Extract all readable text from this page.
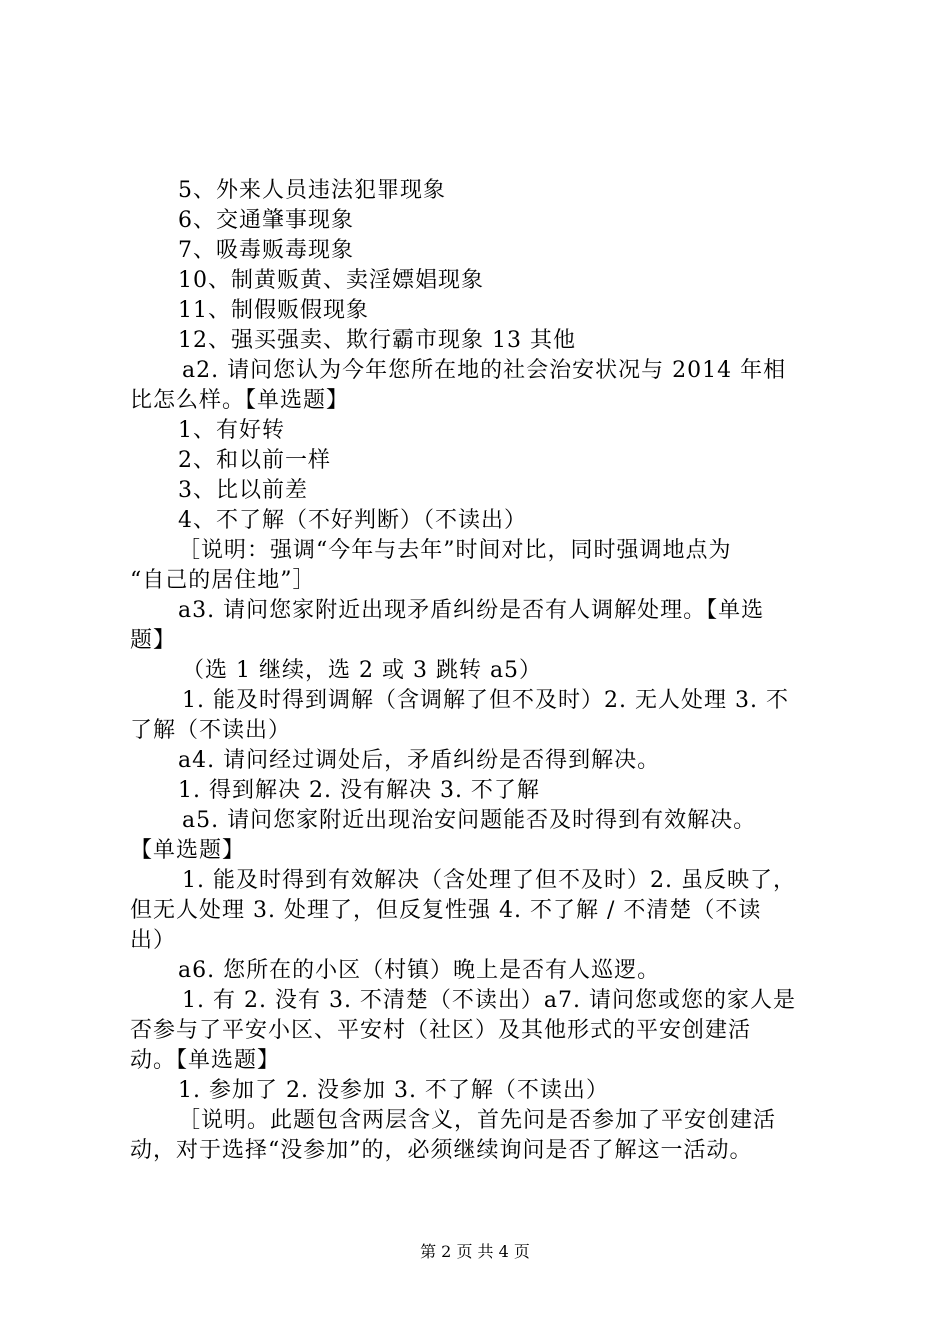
5、外来人员违法犯罪现象
6、交通肇事现象
7、吸毒贩毒现象
10、制黄贩黄、卖淫嫖娼现象
11、制假贩假现象
12、强买强卖、欺行霸市现象 13 其他
a2. 请问您认为今年您所在地的社会治安状况与 2014 年相
比怎么样。【单选题】
1、有好转
2、和以前一样
3、比以前差
4、不了解（不好判断）（不读出）
［说明：强调“今年与去年”时间对比，同时强调地点为
“自己的居住地”］
a3. 请问您家附近出现矛盾纠纷是否有人调解处理。【单选
题】
（选 1 继续，选 2 或 3 跳转 a5）
1. 能及时得到调解（含调解了但不及时）2. 无人处理 3. 不
了解（不读出）
a4. 请问经过调处后，矛盾纠纷是否得到解决。
1. 得到解决 2. 没有解决 3. 不了解
a5. 请问您家附近出现治安问题能否及时得到有效解决。
【单选题】
1. 能及时得到有效解决（含处理了但不及时）2. 虽反映了，
但无人处理 3. 处理了，但反复性强 4. 不了解 / 不清楚（不读
出）
a6. 您所在的小区（村镇）晚上是否有人巡逻。
1. 有 2. 没有 3. 不清楚（不读出）a7. 请问您或您的家人是
否参与了平安小区、平安村（社区）及其他形式的平安创建活
动。【单选题】
1. 参加了 2. 没参加 3. 不了解（不读出）
［说明。此题包含两层含义，首先问是否参加了平安创建活
动，对于选择“没参加”的，必须继续询问是否了解这一活动。
第 2 页 共 4 页
